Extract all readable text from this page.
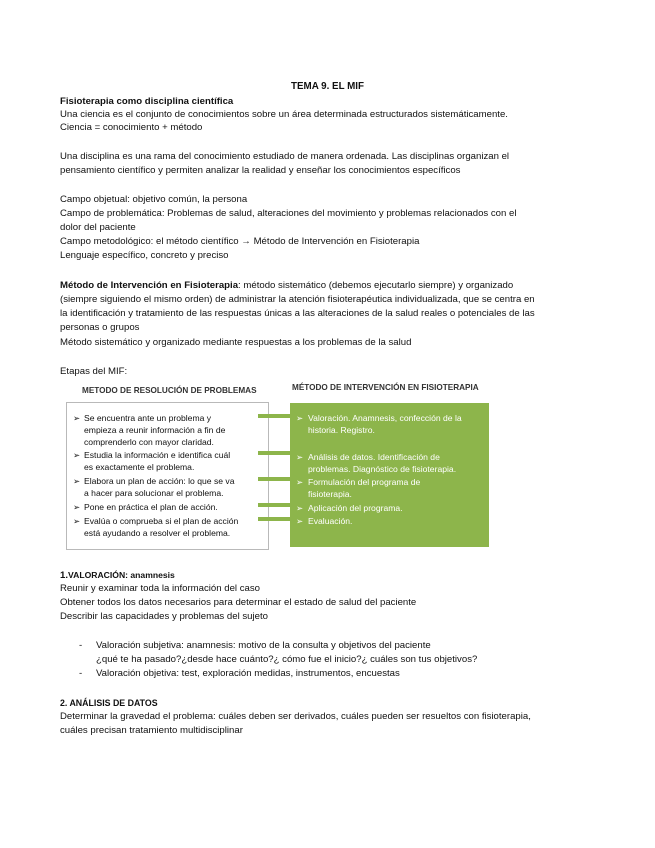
TEMA 9. EL MIF
Fisioterapia como disciplina científica
Una ciencia es el conjunto de conocimientos sobre un área determinada estructurados sistemáticamente.
Ciencia = conocimiento + método
Una disciplina es una rama del conocimiento estudiado de manera ordenada. Las disciplinas organizan el
pensamiento científico y permiten analizar la realidad y enseñar los conocimientos específicos
Campo objetual: objetivo común, la persona
Campo de problemática: Problemas de salud, alteraciones del movimiento y problemas relacionados con el
dolor del paciente
Campo metodológico: el método científico → Método de Intervención en Fisioterapia
Lenguaje específico, concreto y preciso
Método de Intervención en Fisioterapia: método sistemático (debemos ejecutarlo siempre) y organizado
(siempre siguiendo el mismo orden) de administrar la atención fisioterapéutica individualizada, que se centra en
la identificación y tratamiento de las respuestas únicas a las alteraciones de la salud reales o potenciales de las
personas o grupos
Método sistemático y organizado mediante respuestas a los problemas de la salud
Etapas del MIF:
METODO DE RESOLUCIÓN DE PROBLEMAS	MÉTODO DE INTERVENCIÓN EN FISIOTERAPIA
➢ Se encuentra ante un problema y
empieza a reunir información a fin de
comprenderlo con mayor claridad.
➢ Estudia la información e identifica cuál
es exactamente el problema.
➢ Elabora un plan de acción: lo que se va
a hacer para solucionar el problema.
➢ Pone en práctica el plan de acción.
➢ Evalúa o comprueba si el plan de acción
está ayudando a resolver el problema.
➢ Valoración. Anamnesis, confección de la
historia. Registro.
➢ Análisis de datos. Identificación de
problemas. Diagnóstico de fisioterapia.
➢ Formulación del programa de
fisioterapia.
➢ Aplicación del programa.
➢ Evaluación.
1.VALORACIÓN: anamnesis
Reunir y examinar toda la información del caso
Obtener todos los datos necesarios para determinar el estado de salud del paciente
Describir las capacidades y problemas del sujeto
- Valoración subjetiva: anamnesis: motivo de la consulta y objetivos del paciente
¿qué te ha pasado?¿desde hace cuánto?¿ cómo fue el inicio?¿ cuáles son tus objetivos?
- Valoración objetiva: test, exploración medidas, instrumentos, encuestas
2. ANÁLISIS DE DATOS
Determinar la gravedad el problema: cuáles deben ser derivados, cuáles pueden ser resueltos con fisioterapia,
cuáles precisan tratamiento multidisciplinar
